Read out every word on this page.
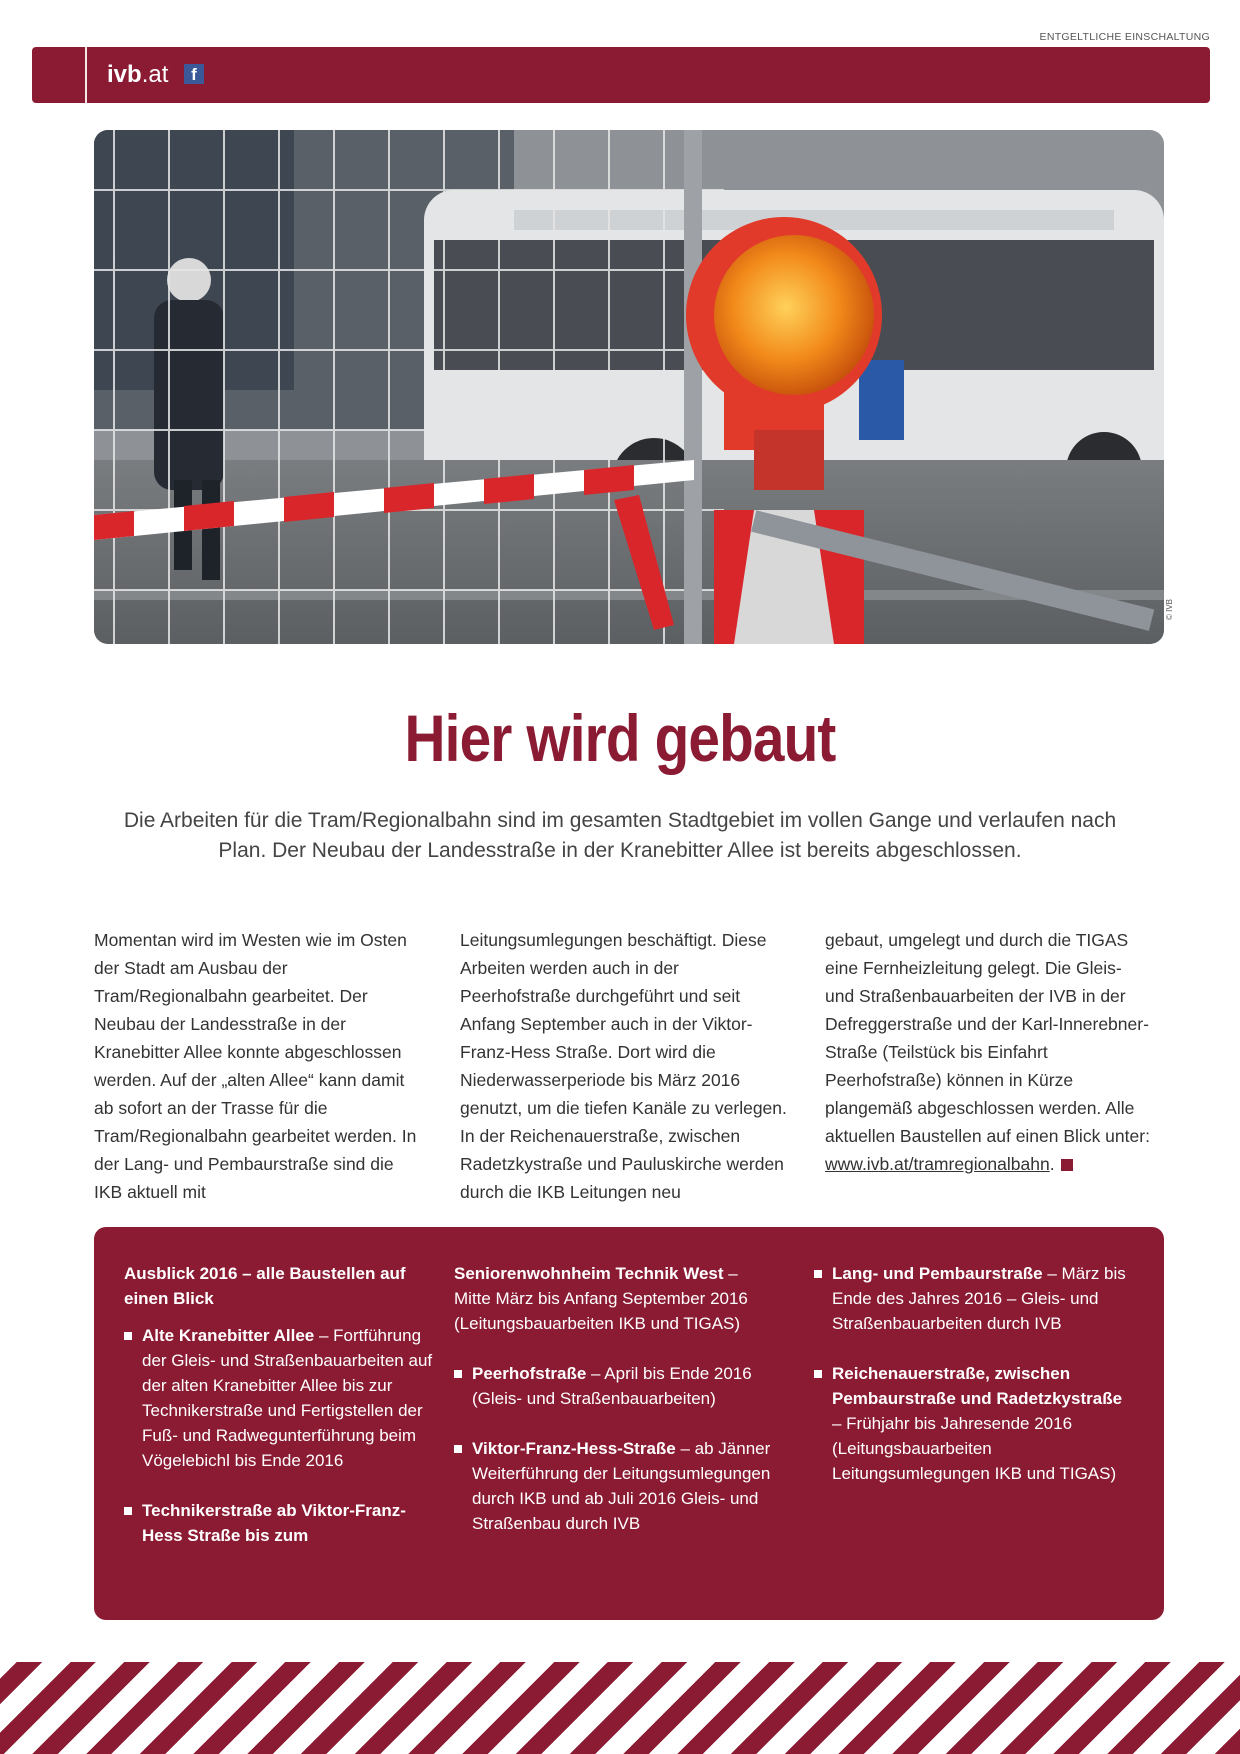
ENTGELTLICHE EINSCHALTUNG
ivb.at	f
© IVB
Hier wird gebaut

Die Arbeiten für die Tram/Regionalbahn sind im gesamten Stadtgebiet im vollen Gange und verlaufen nach Plan. Der Neubau der Landesstraße in der Kranebitter Allee ist bereits abgeschlossen.

Momentan wird im Westen wie im Osten der Stadt am Ausbau der Tram/Regionalbahn gearbeitet. Der Neubau der Landesstraße in der Kranebitter Allee konnte abgeschlossen werden. Auf der „alten Allee“ kann damit ab sofort an der Trasse für die Tram/Regionalbahn gearbeitet werden. In der Lang- und Pembaurstraße sind die IKB aktuell mit
Leitungsumlegungen beschäftigt. Diese Arbeiten werden auch in der Peerhofstraße durchgeführt und seit Anfang September auch in der Viktor-Franz-Hess Straße. Dort wird die Niederwasserperiode bis März 2016 genutzt, um die tiefen Kanäle zu verlegen. In der Reichenauerstraße, zwischen Radetzkystraße und Pauluskirche werden durch die IKB Leitungen neu
gebaut, umgelegt und durch die TIGAS eine Fernheizleitung gelegt. Die Gleis- und Straßenbauarbeiten der IVB in der Defreggerstraße und der Karl-Innerebner-Straße (Teilstück bis Einfahrt Peerhofstraße) können in Kürze plangemäß abgeschlossen werden. Alle aktuellen Baustellen auf einen Blick unter: www.ivb.at/tramregionalbahn.
Ausblick 2016 – alle Baustellen auf einen Blick
Alte Kranebitter Allee – Fortführung der Gleis- und Straßenbauarbeiten auf der alten Kranebitter Allee bis zur Technikerstraße und Fertigstellen der Fuß- und Radwegunterführung beim Vögelebichl bis Ende 2016
Technikerstraße ab Viktor-Franz-Hess Straße bis zum
Seniorenwohnheim Technik West – Mitte März bis Anfang September 2016 (Leitungsbauarbeiten IKB und TIGAS)
Peerhofstraße – April bis Ende 2016 (Gleis- und Straßenbauarbeiten)
Viktor-Franz-Hess-Straße – ab Jänner Weiterführung der Leitungsumlegungen durch IKB und ab Juli 2016 Gleis- und Straßenbau durch IVB
Lang- und Pembaurstraße – März bis Ende des Jahres 2016 – Gleis- und Straßenbauarbeiten durch IVB
Reichenauerstraße, zwischen Pembaurstraße und Radetzkystraße – Frühjahr bis Jahresende 2016 (Leitungsbauarbeiten Leitungsumlegungen IKB und TIGAS)
